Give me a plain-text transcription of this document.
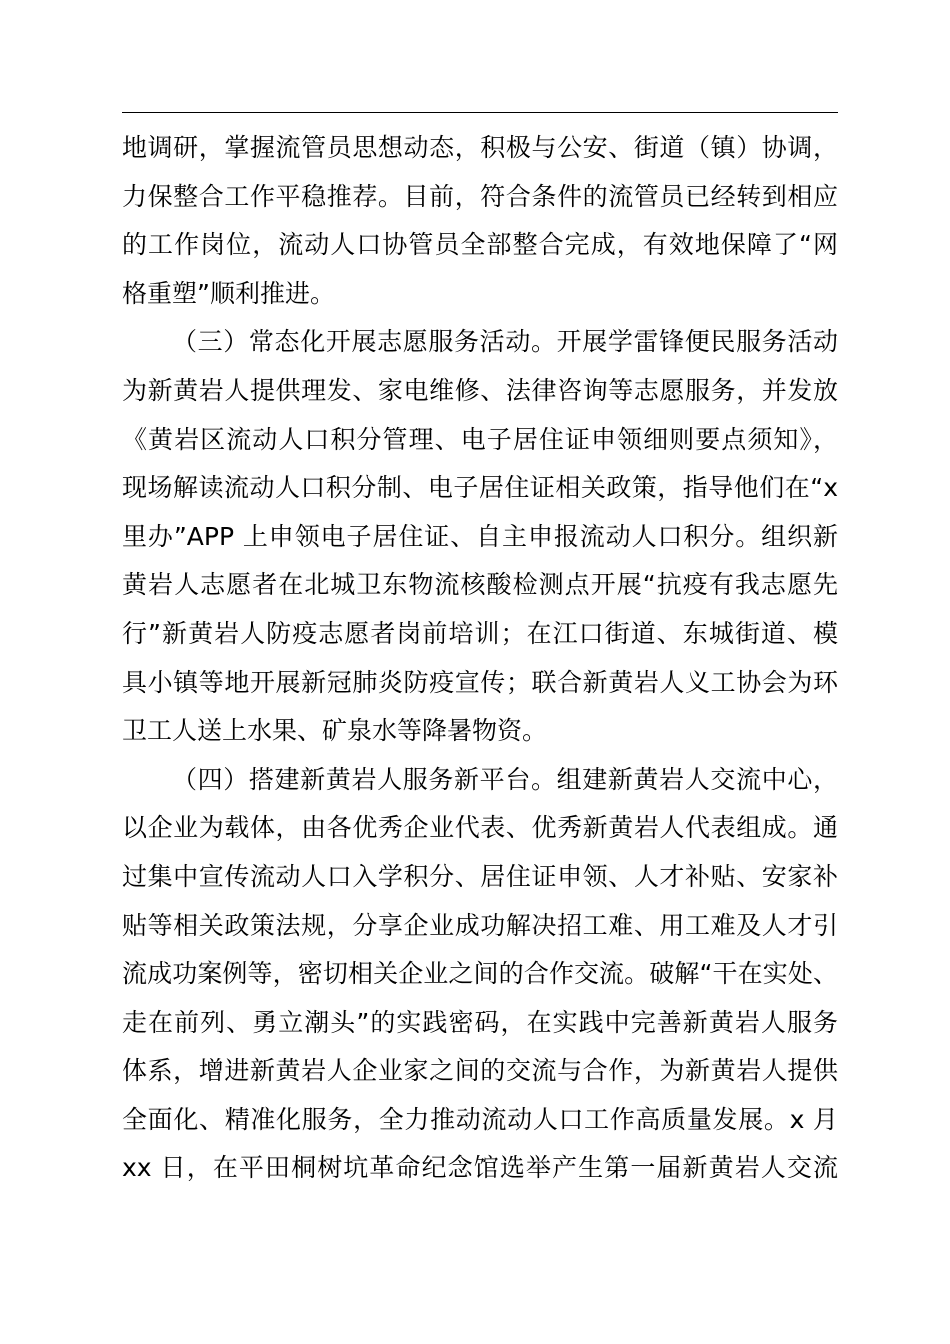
地调研，掌握流管员思想动态，积极与公安、街道（镇）协调，
力保整合工作平稳推荐。目前，符合条件的流管员已经转到相应
的工作岗位，流动人口协管员全部整合完成，有效地保障了“网
格重塑”顺利推进。
（三）常态化开展志愿服务活动。开展学雷锋便民服务活动
为新黄岩人提供理发、家电维修、法律咨询等志愿服务，并发放
《黄岩区流动人口积分管理、电子居住证申领细则要点须知》，
现场解读流动人口积分制、电子居住证相关政策，指导他们在“x
里办”APP 上申领电子居住证、自主申报流动人口积分。组织新
黄岩人志愿者在北城卫东物流核酸检测点开展“抗疫有我志愿先
行”新黄岩人防疫志愿者岗前培训；在江口街道、东城街道、模
具小镇等地开展新冠肺炎防疫宣传；联合新黄岩人义工协会为环
卫工人送上水果、矿泉水等降暑物资。
（四）搭建新黄岩人服务新平台。组建新黄岩人交流中心，
以企业为载体，由各优秀企业代表、优秀新黄岩人代表组成。通
过集中宣传流动人口入学积分、居住证申领、人才补贴、安家补
贴等相关政策法规，分享企业成功解决招工难、用工难及人才引
流成功案例等，密切相关企业之间的合作交流。破解“干在实处、
走在前列、勇立潮头”的实践密码，在实践中完善新黄岩人服务
体系，增进新黄岩人企业家之间的交流与合作，为新黄岩人提供
全面化、精准化服务，全力推动流动人口工作高质量发展。x 月
xx 日，在平田桐树坑革命纪念馆选举产生第一届新黄岩人交流
